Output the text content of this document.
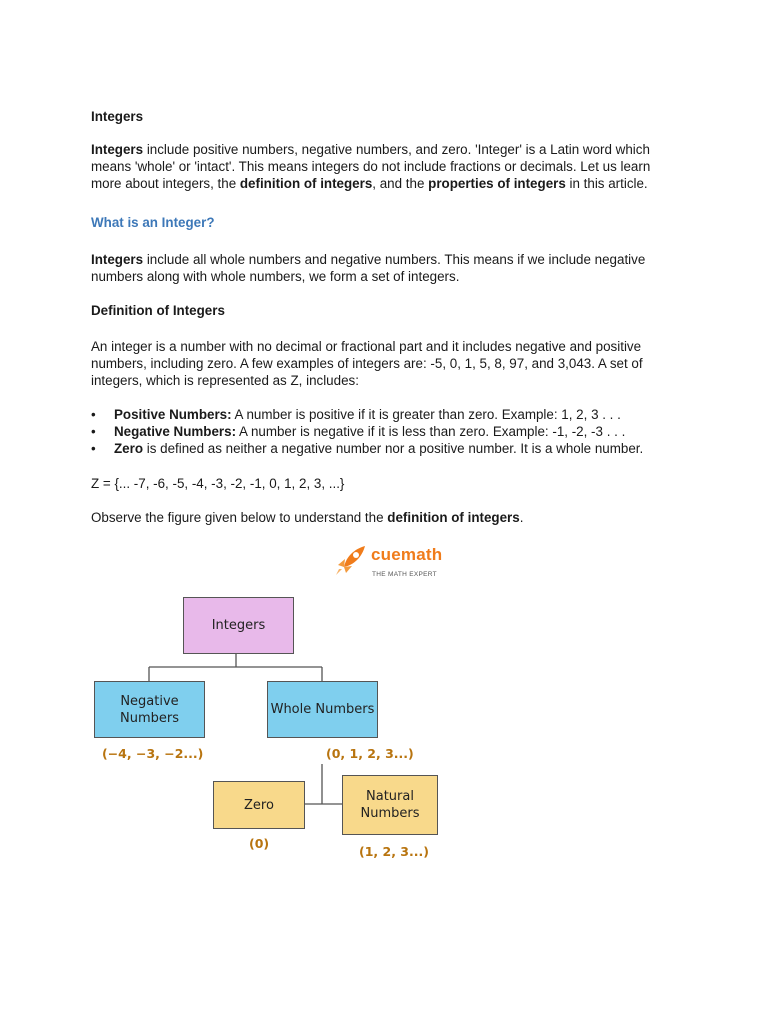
Integers
Integers include positive numbers, negative numbers, and zero. 'Integer' is a Latin word which means 'whole' or 'intact'. This means integers do not include fractions or decimals. Let us learn more about integers, the definition of integers, and the properties of integers in this article.
What is an Integer?
Integers include all whole numbers and negative numbers. This means if we include negative numbers along with whole numbers, we form a set of integers.
Definition of Integers
An integer is a number with no decimal or fractional part and it includes negative and positive numbers, including zero. A few examples of integers are: -5, 0, 1, 5, 8, 97, and 3,043. A set of integers, which is represented as Z, includes:
• Positive Numbers: A number is positive if it is greater than zero. Example: 1, 2, 3 . . .
• Negative Numbers: A number is negative if it is less than zero. Example: -1, -2, -3 . . .
• Zero is defined as neither a negative number nor a positive number. It is a whole number.
Z = {... -7, -6, -5, -4, -3, -2, -1, 0, 1, 2, 3, ...}
Observe the figure given below to understand the definition of integers.
cuemath
THE MATH EXPERT
Integers
Negative Numbers
Whole Numbers
Zero
Natural Numbers
(−4, −3, −2...)	(0, 1, 2, 3...)
(0)
(1, 2, 3...)
